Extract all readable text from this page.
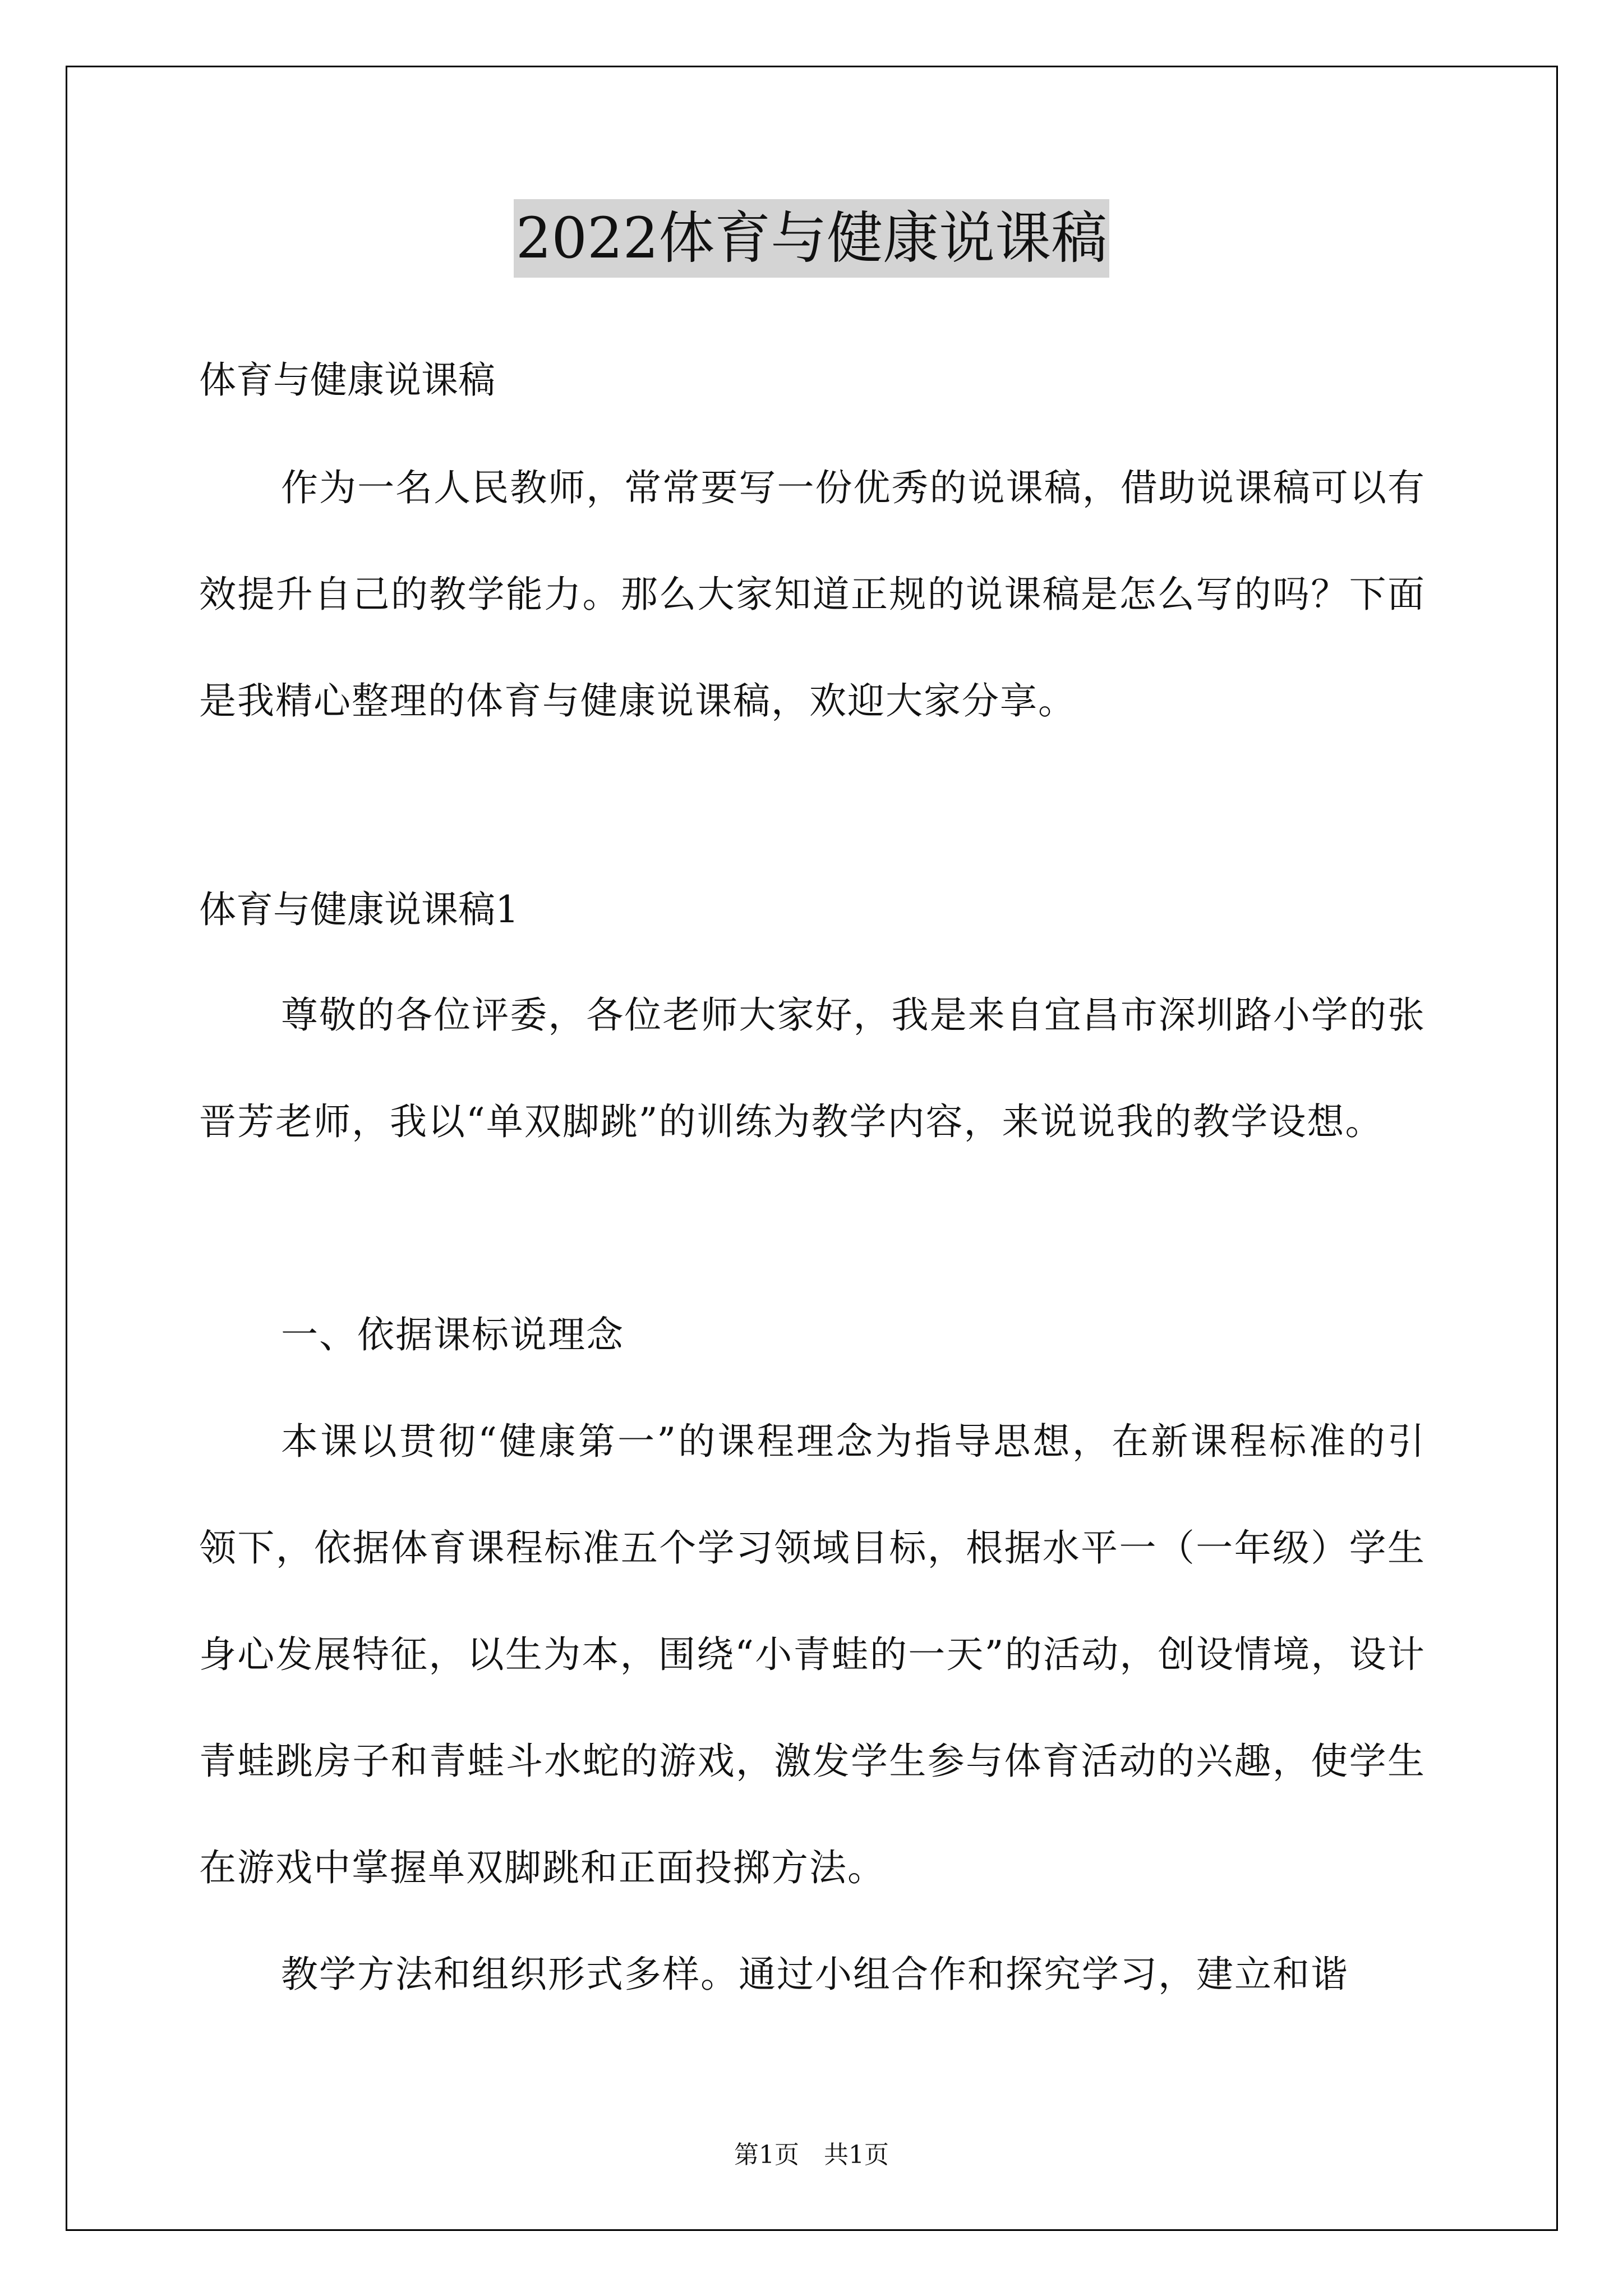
2022体育与健康说课稿
体育与健康说课稿
作为一名人民教师，常常要写一份优秀的说课稿，借助说课稿可以有效提升自己的教学能力。那么大家知道正规的说课稿是怎么写的吗？下面是我精心整理的体育与健康说课稿，欢迎大家分享。
体育与健康说课稿1
尊敬的各位评委，各位老师大家好，我是来自宜昌市深圳路小学的张晋芳老师，我以“单双脚跳”的训练为教学内容，来说说我的教学设想。
一、依据课标说理念
本课以贯彻“健康第一”的课程理念为指导思想，在新课程标准的引领下，依据体育课程标准五个学习领域目标，根据水平一（一年级）学生身心发展特征，以生为本，围绕“小青蛙的一天”的活动，创设情境，设计青蛙跳房子和青蛙斗水蛇的游戏，激发学生参与体育活动的兴趣，使学生在游戏中掌握单双脚跳和正面投掷方法。
教学方法和组织形式多样。通过小组合作和探究学习，建立和谐
第1页　共1页
